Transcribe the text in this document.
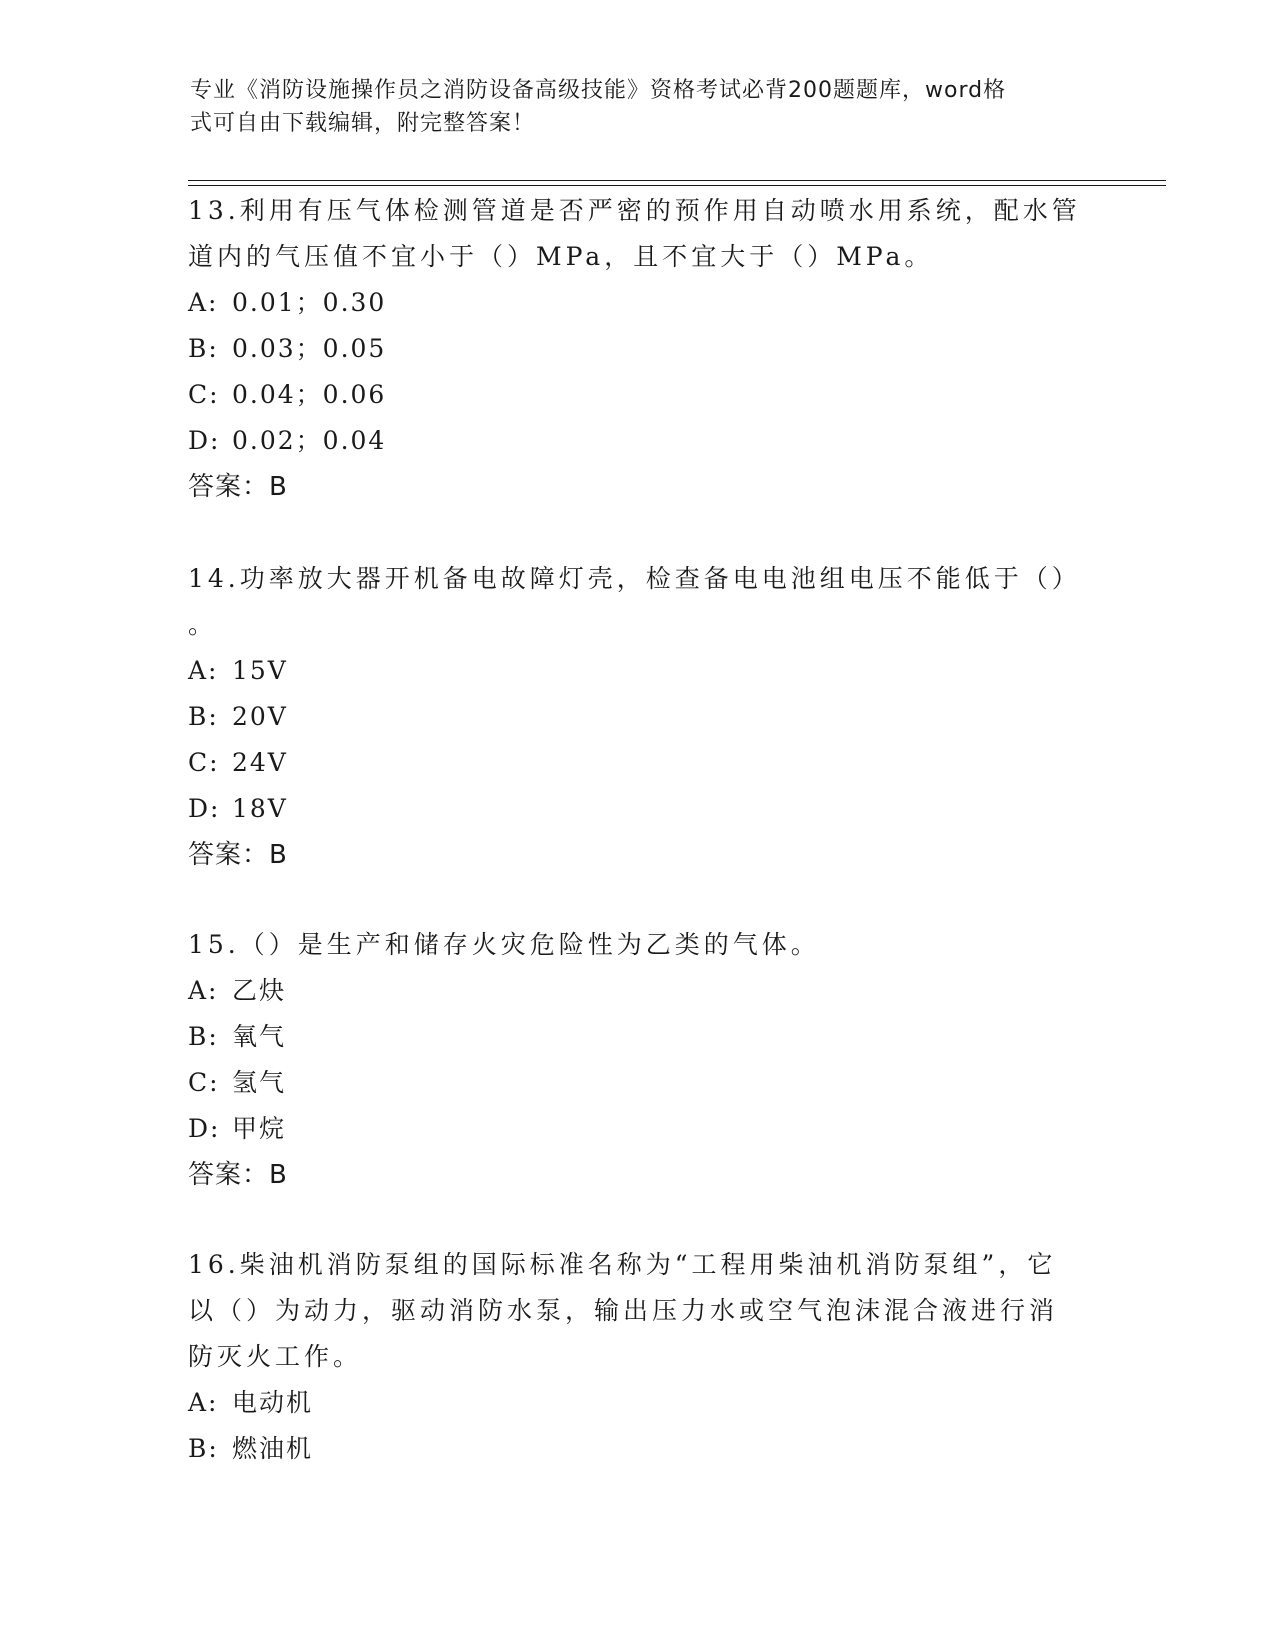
专业《消防设施操作员之消防设备高级技能》资格考试必背200题题库，word格
式可自由下载编辑，附完整答案！

13.利用有压气体检测管道是否严密的预作用自动喷水用系统，配水管

道内的气压值不宜小于（）MPa，且不宜大于（）MPa。

A: 0.01；0.30

B: 0.03；0.05

C: 0.04；0.06

D: 0.02；0.04

答案：B

14.功率放大器开机备电故障灯壳，检查备电电池组电压不能低于（）

。

A: 15V

B: 20V

C: 24V

D: 18V

答案：B

15.（）是生产和储存火灾危险性为乙类的气体。

A: 乙炔

B: 氧气

C: 氢气

D: 甲烷

答案：B

16.柴油机消防泵组的国际标准名称为“工程用柴油机消防泵组”，它

以（）为动力，驱动消防水泵，输出压力水或空气泡沫混合液进行消

防灭火工作。

A: 电动机

B: 燃油机
